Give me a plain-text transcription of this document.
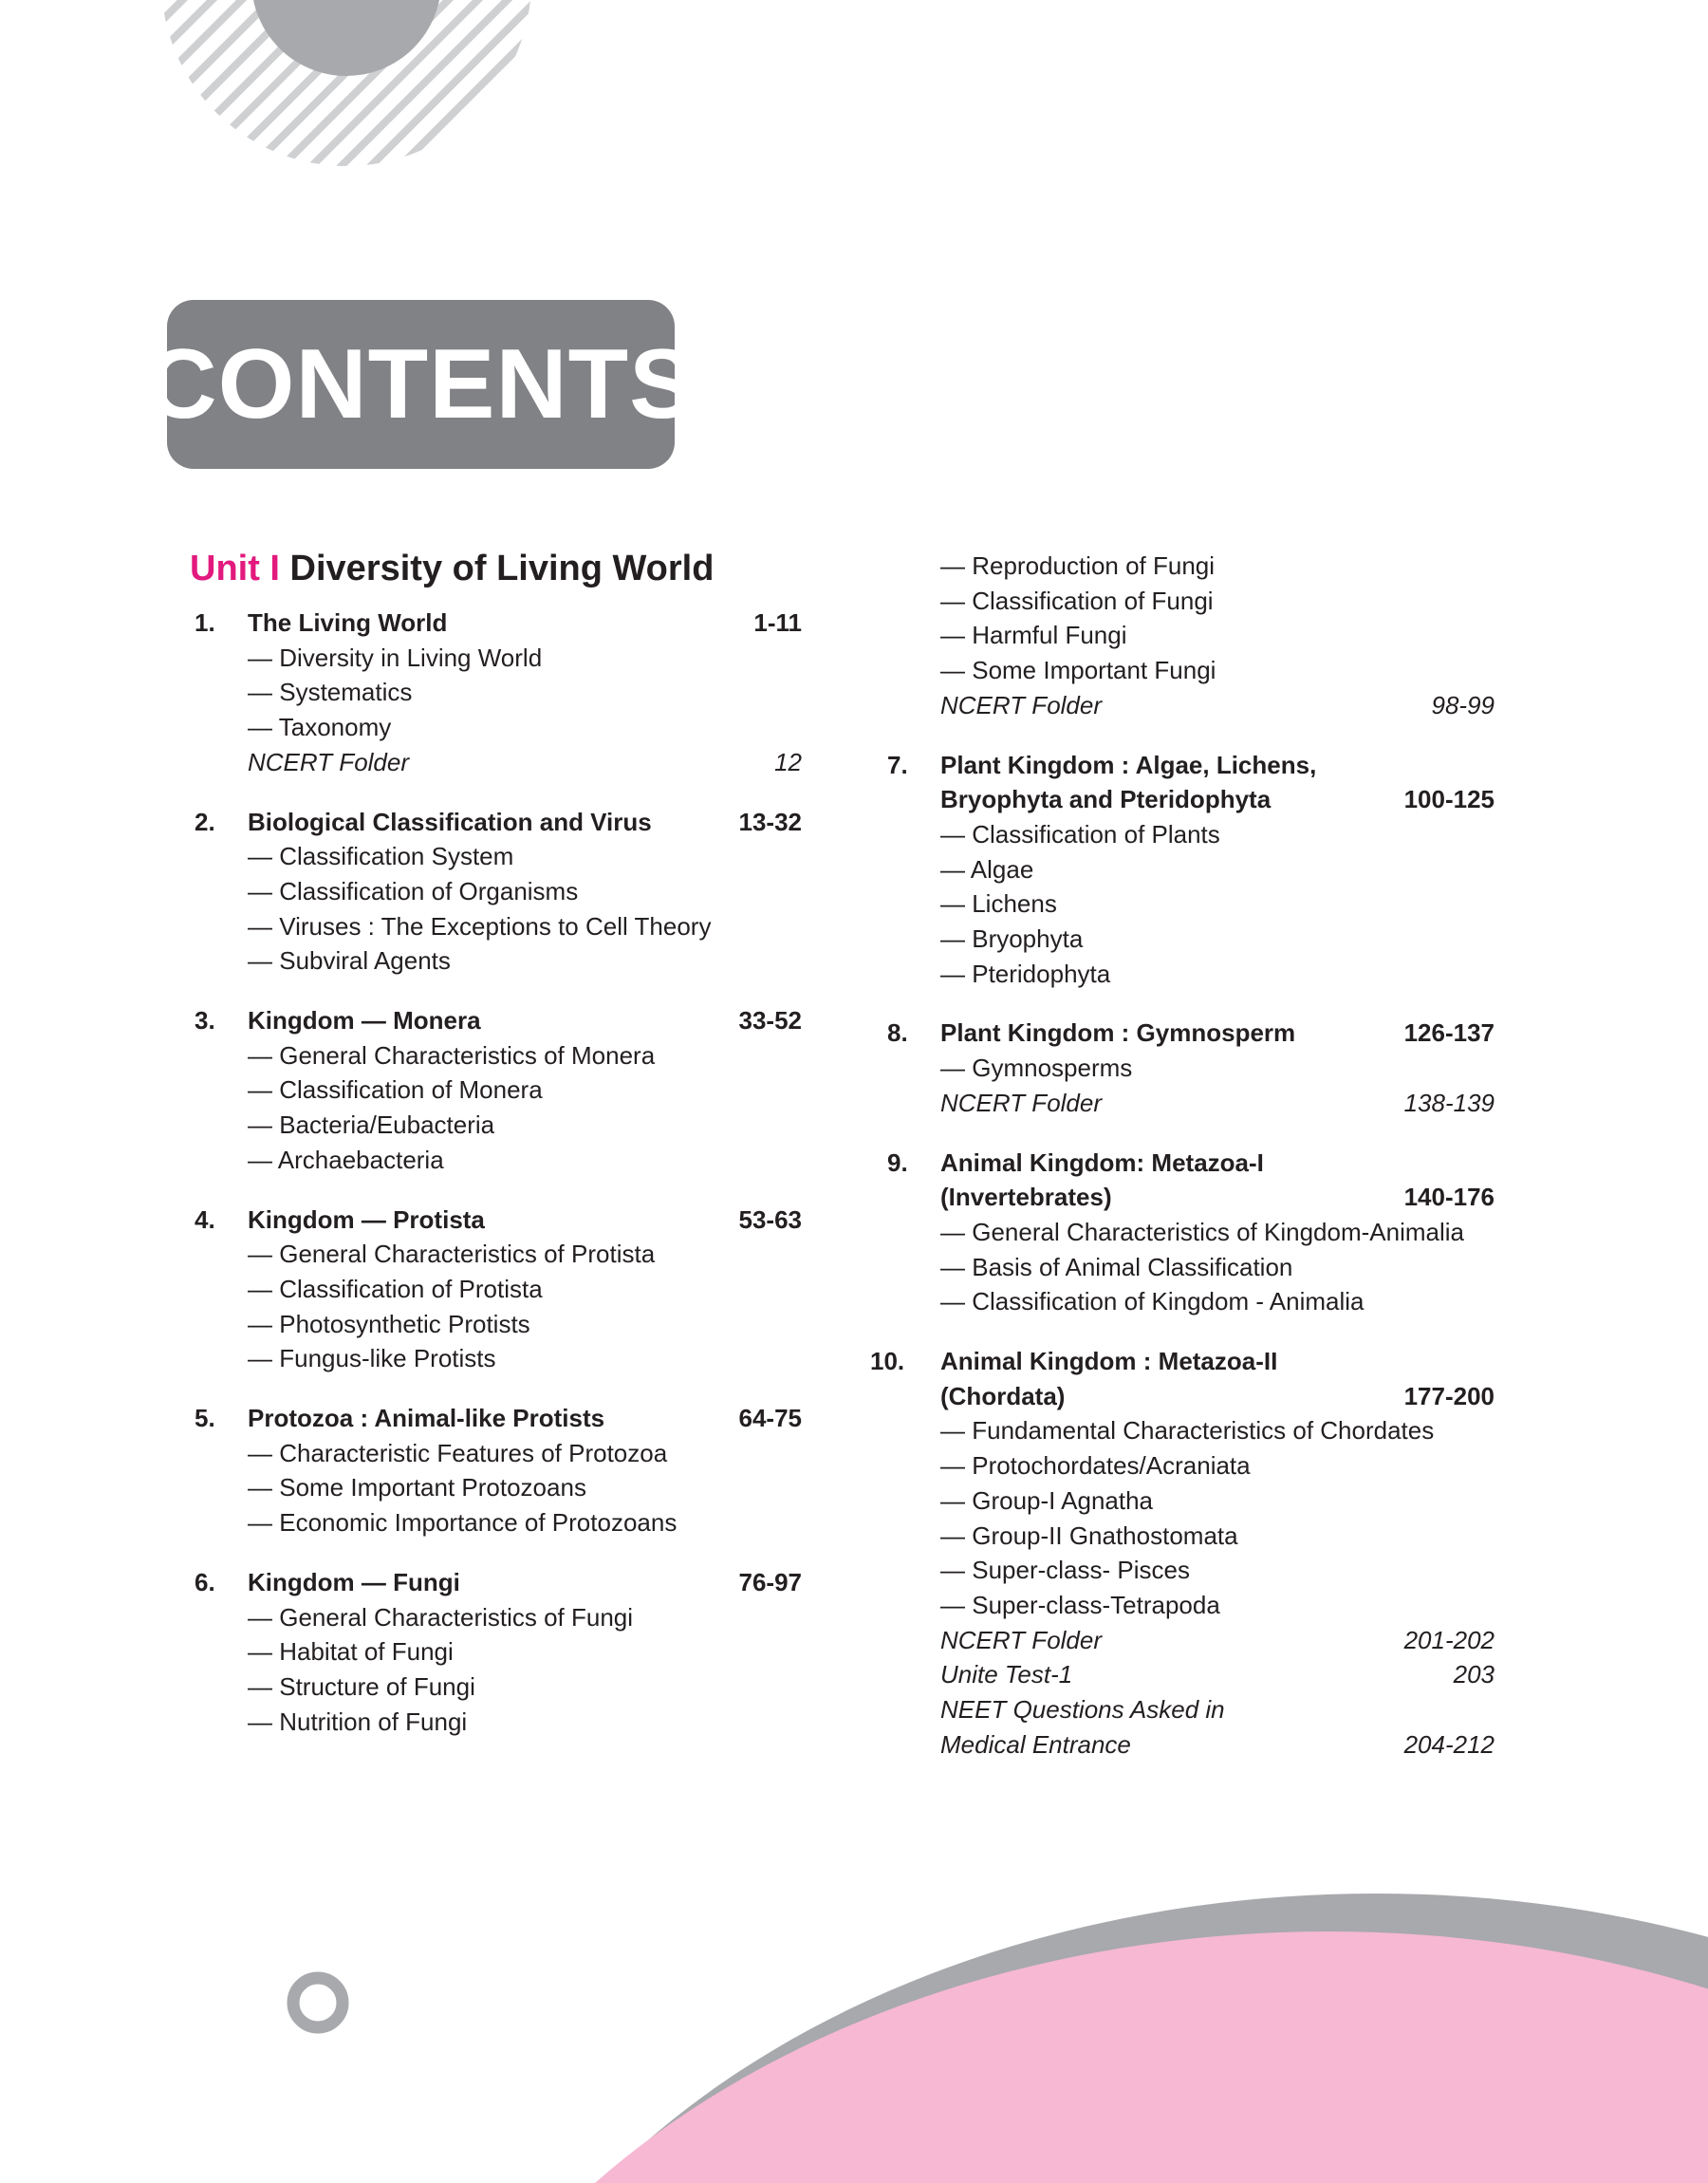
CONTENTS
Unit I Diversity of Living World
1.	The Living World	1-11
— Diversity in Living World
— Systematics
— Taxonomy
NCERT Folder	12
2.	Biological Classification and Virus	13-32
— Classification System
— Classification of Organisms
— Viruses : The Exceptions to Cell Theory
— Subviral Agents
3.	Kingdom — Monera	33-52
— General Characteristics of Monera
— Classification of Monera
— Bacteria/Eubacteria
— Archaebacteria
4.	Kingdom — Protista	53-63
— General Characteristics of Protista
— Classification of Protista
— Photosynthetic Protists
— Fungus-like Protists
5.	Protozoa : Animal-like Protists	64-75
— Characteristic Features of Protozoa
— Some Important Protozoans
— Economic Importance of Protozoans
6.	Kingdom — Fungi	76-97
— General Characteristics of Fungi
— Habitat of Fungi
— Structure of Fungi
— Nutrition of Fungi
— Reproduction of Fungi
— Classification of Fungi
— Harmful Fungi
— Some Important Fungi
NCERT Folder	98-99
7.	Plant Kingdom : Algae, Lichens,
Bryophyta and Pteridophyta	100-125
— Classification of Plants
— Algae
— Lichens
— Bryophyta
— Pteridophyta
8.	Plant Kingdom : Gymnosperm	126-137
— Gymnosperms
NCERT Folder	138-139
9.	Animal Kingdom: Metazoa-I
(Invertebrates)	140-176
— General Characteristics of Kingdom-Animalia
— Basis of Animal Classification
— Classification of Kingdom - Animalia
10.	Animal Kingdom : Metazoa-II
(Chordata)	177-200
— Fundamental Characteristics of Chordates
— Protochordates/Acraniata
— Group-I Agnatha
— Group-II Gnathostomata
— Super-class- Pisces
— Super-class-Tetrapoda
NCERT Folder	201-202
Unite Test-1	203
NEET Questions Asked in
Medical Entrance	204-212
